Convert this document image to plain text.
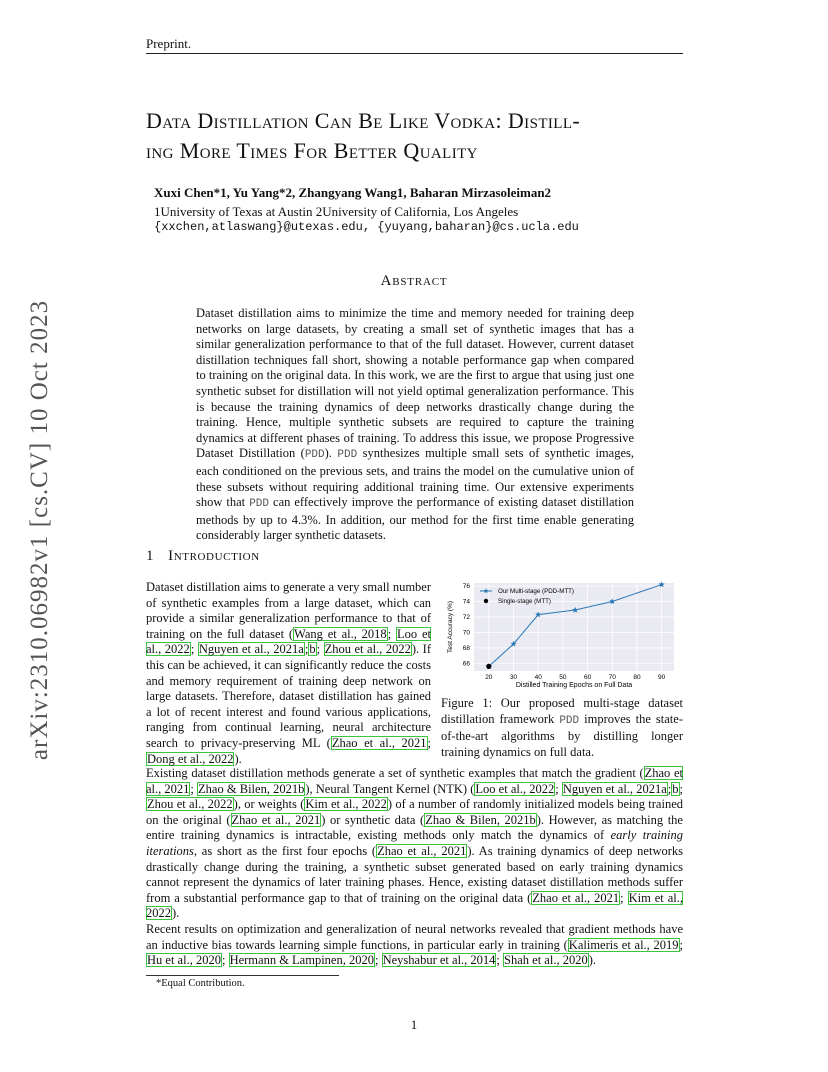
Preprint.
Data Distillation Can Be Like Vodka: Distill-
ing More Times For Better Quality
Xuxi Chen*1, Yu Yang*2, Zhangyang Wang1, Baharan Mirzasoleiman2
1University of Texas at Austin 2University of California, Los Angeles
{xxchen,atlaswang}@utexas.edu, {yuyang,baharan}@cs.ucla.edu
arXiv:2310.06982v1 [cs.CV] 10 Oct 2023
Abstract
Dataset distillation aims to minimize the time and memory needed for training deep networks on large datasets, by creating a small set of synthetic images that has a similar generalization performance to that of the full dataset. However, current dataset distillation techniques fall short, showing a notable performance gap when compared to training on the original data. In this work, we are the first to argue that using just one synthetic subset for distillation will not yield optimal generalization performance. This is because the training dynamics of deep networks drastically change during the training. Hence, multiple synthetic subsets are required to capture the training dynamics at different phases of training. To address this issue, we propose Progressive Dataset Distillation (PDD). PDD synthesizes multiple small sets of synthetic images, each conditioned on the previous sets, and trains the model on the cumulative union of these subsets without requiring additional training time. Our extensive experiments show that PDD can effectively improve the performance of existing dataset distillation methods by up to 4.3%. In addition, our method for the first time enable generating considerably larger synthetic datasets.
1 Introduction
Dataset distillation aims to generate a very small number of synthetic examples from a large dataset, which can provide a similar generalization performance to that of training on the full dataset (Wang et al., 2018; Loo et al., 2022; Nguyen et al., 2021a;b; Zhou et al., 2022). If this can be achieved, it can significantly reduce the costs and memory requirement of training deep network on large datasets. Therefore, dataset distillation has gained a lot of recent interest and found various applications, ranging from continual learning, neural architecture search to privacy-preserving ML (Zhao et al., 2021; Dong et al., 2022).
66
68
70
72
74
76
20	30	40	50	60	70	80	90
Our Multi-stage (PDD-MTT)
Single-stage (MTT)
Distilled Training Epochs on Full Data
Test Accuracy (%)
Figure 1: Our proposed multi-stage dataset distillation framework PDD improves the state-of-the-art algorithms by distilling longer training dynamics on full data.
Existing dataset distillation methods generate a set of synthetic examples that match the gradient (Zhao et al., 2021; Zhao & Bilen, 2021b), Neural Tangent Kernel (NTK) (Loo et al., 2022; Nguyen et al., 2021a;b; Zhou et al., 2022), or weights (Kim et al., 2022) of a number of randomly initialized models being trained on the original (Zhao et al., 2021) or synthetic data (Zhao & Bilen, 2021b). However, as matching the entire training dynamics is intractable, existing methods only match the dynamics of early training iterations, as short as the first four epochs (Zhao et al., 2021). As training dynamics of deep networks drastically change during the training, a synthetic subset generated based on early training dynamics cannot represent the dynamics of later training phases. Hence, existing dataset distillation methods suffer from a substantial performance gap to that of training on the original data (Zhao et al., 2021; Kim et al., 2022).
Recent results on optimization and generalization of neural networks revealed that gradient methods have an inductive bias towards learning simple functions, in particular early in training (Kalimeris et al., 2019; Hu et al., 2020; Hermann & Lampinen, 2020; Neyshabur et al., 2014; Shah et al., 2020).
*Equal Contribution.
1
